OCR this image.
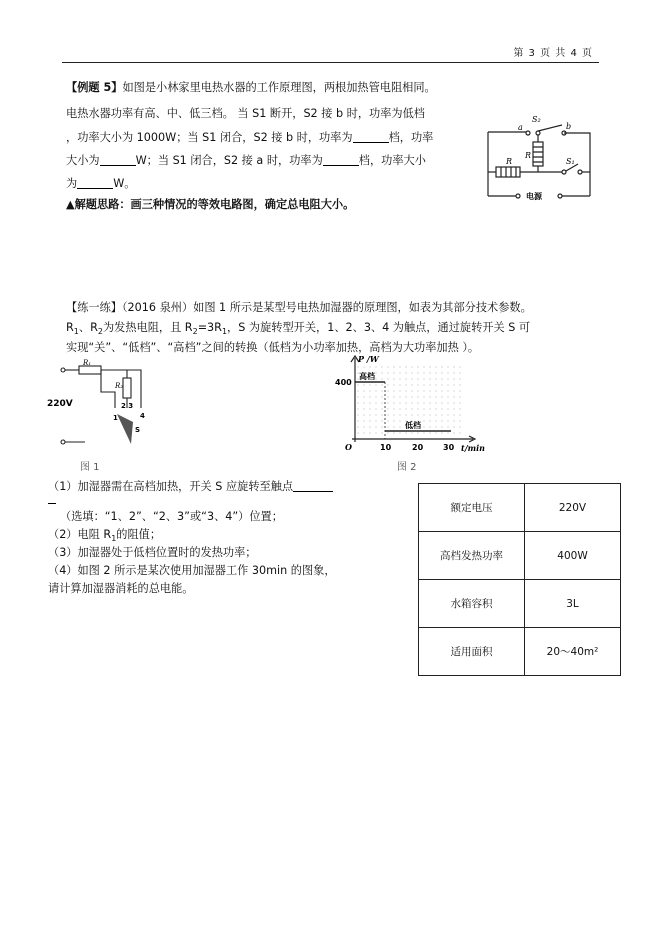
第 3 页 共 4 页
【例题 5】如图是小林家里电热水器的工作原理图，两根加热管电阻相同。
电热水器功率有高、中、低三档。 当 S1 断开，S2 接 b 时，功率为低档
，功率大小为 1000W；当 S1 闭合，S2 接 b 时，功率为	档，功率
大小为	W；当 S1 闭合，S2 接 a 时，功率为	档，功率大小
为	W。
▲解题思路：画三种情况的等效电路图，确定总电阻大小。
S₂
a	b
R
R	S₁
电源
【练一练】（2016 泉州）如图 1 所示是某型号电热加湿器的原理图，如表为其部分技术参数。
$R_1$、$R_2$为发热电阻，且 $R_2=3R_1$，S 为旋转型开关，1、2、3、4 为触点，通过旋转开关 S 可
实现“关”、“低档”、“高档”之间的转换（低档为小功率加热，高档为大功率加热 ）。
220V
R₁
R₂
2 3
1	4
S
图 1
P /W
400
高档
低档
O	10	20 30 t/min
图 2
（1）加湿器需在高档加热，开关 S 应旋转至触点
（选填：“1、2”、“2、3”或“3、4”）位置；
（2）电阻 $R_1$的阻值；
（3）加湿器处于低档位置时的发热功率；
（4）如图 2 所示是某次使用加湿器工作 30min 的图象，
请计算加湿器消耗的总电能。
额定电压	220V
高档发热功率	400W
水箱容积	3L
适用面积	20～40m²
